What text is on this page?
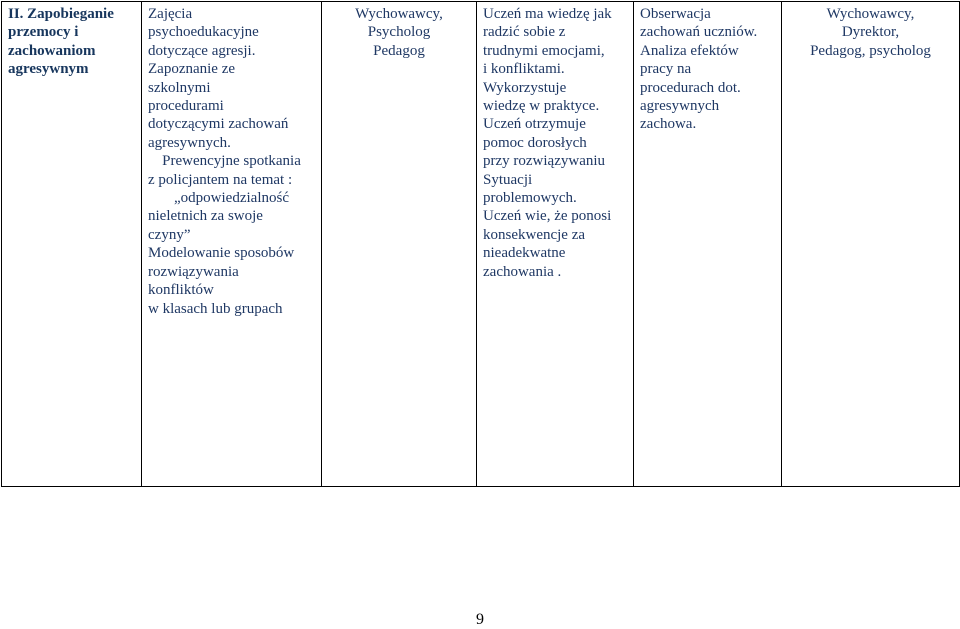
II. Zapobieganie przemocy i zachowaniom agresywnym	
Zajęcia
psychoedukacyjne
dotyczące agresji.
Zapoznanie ze
szkolnymi
procedurami
dotyczącymi zachowań
agresywnych.
Prewencyjne spotkania
z policjantem na temat :
„odpowiedzialność
nieletnich za swoje
czyny”
Modelowanie sposobów
rozwiązywania
konfliktów
w klasach lub grupach

Wychowawcy,
Psycholog
Pedagog

Uczeń ma wiedzę jak
radzić sobie z
trudnymi emocjami,
i konfliktami.
Wykorzystuje
wiedzę w praktyce.
Uczeń otrzymuje
pomoc dorosłych
przy rozwiązywaniu
Sytuacji
problemowych.
Uczeń wie, że ponosi
konsekwencje za
nieadekwatne
zachowania .

Obserwacja
zachowań uczniów.
Analiza efektów
pracy na
procedurach dot.
agresywnych
zachowa.

Wychowawcy,
Dyrektor,
Pedagog, psycholog
9
